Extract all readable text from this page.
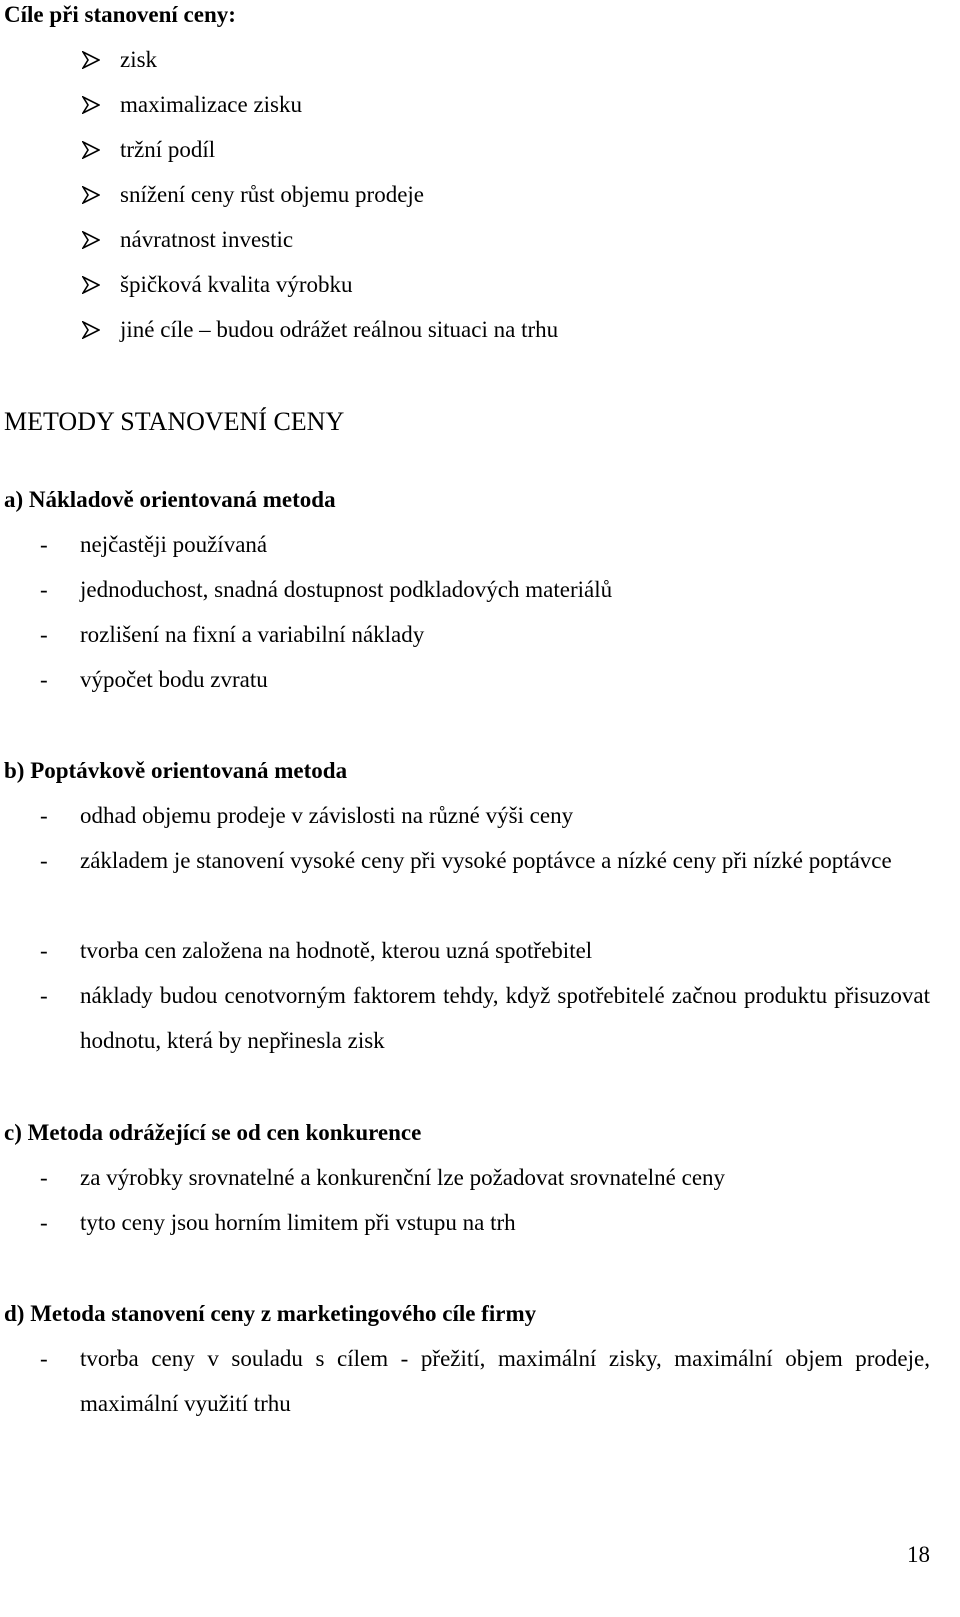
Cíle při stanovení ceny:
zisk
maximalizace zisku
tržní podíl
snížení ceny růst objemu prodeje
návratnost investic
špičková kvalita výrobku
jiné cíle – budou odrážet reálnou situaci na trhu
METODY STANOVENÍ CENY
a) Nákladově orientovaná metoda
- nejčastěji používaná
- jednoduchost, snadná dostupnost podkladových materiálů
- rozlišení na fixní a variabilní náklady
- výpočet bodu zvratu
b) Poptávkově orientovaná metoda
- odhad objemu prodeje v závislosti na různé výši ceny
- základem je stanovení vysoké ceny při vysoké poptávce a nízké ceny při nízké poptávce
- tvorba cen založena na hodnotě, kterou uzná spotřebitel
- náklady budou cenotvorným faktorem tehdy, když spotřebitelé začnou produktu přisuzovat hodnotu, která by nepřinesla zisk
c) Metoda odrážející se od cen konkurence
- za výrobky srovnatelné a konkurenční lze požadovat srovnatelné ceny
- tyto ceny jsou horním limitem při vstupu na trh
d) Metoda stanovení ceny z marketingového cíle firmy
- tvorba ceny v souladu s cílem - přežití, maximální zisky, maximální objem prodeje, maximální využití trhu
18
